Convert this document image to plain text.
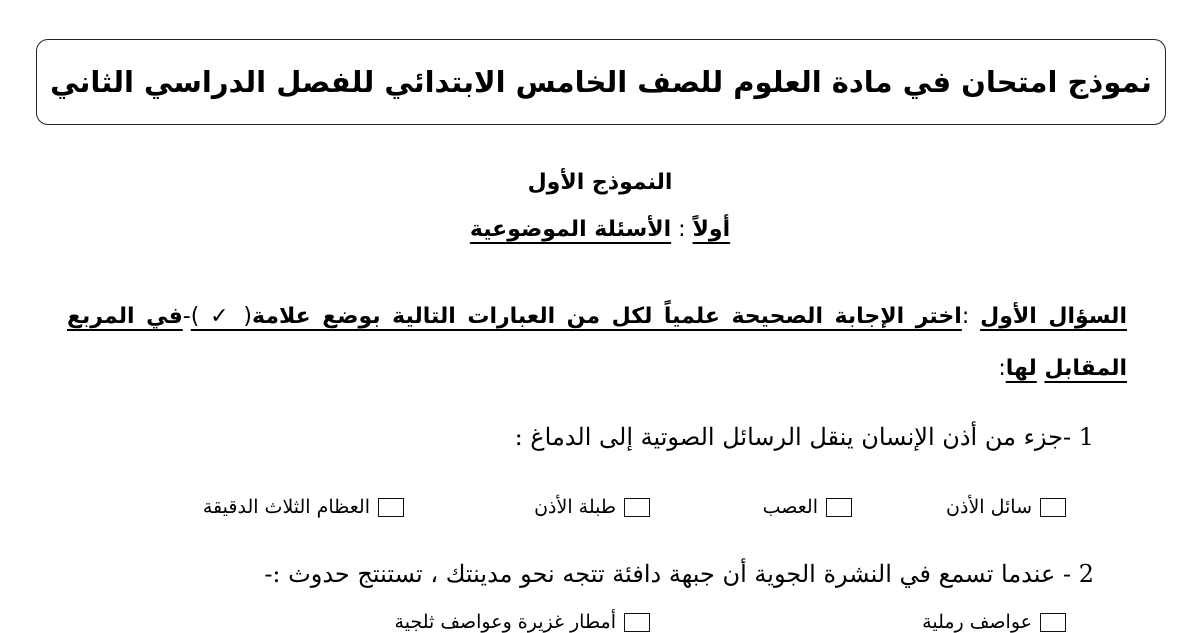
نموذج امتحان في مادة العلوم للصف الخامس الابتدائي للفصل الدراسي الثاني
النموذج الأول
أولاً : الأسئلة الموضوعية
السؤال الأول :اختر الإجابة الصحيحة علمياً لكل من العبارات التالية بوضع علامة( ✓ )-في المربع المقابل لها:
1 -جزء من أذن الإنسان ينقل الرسائل الصوتية إلى الدماغ :
سائل الأذن
العصب
طبلة الأذن
العظام الثلاث الدقيقة
2 - عندما تسمع في النشرة الجوية أن جبهة دافئة تتجه نحو مدينتك ، تستنتج حدوث :-
عواصف رملية
أمطار غزيرة وعواصف ثلجية
